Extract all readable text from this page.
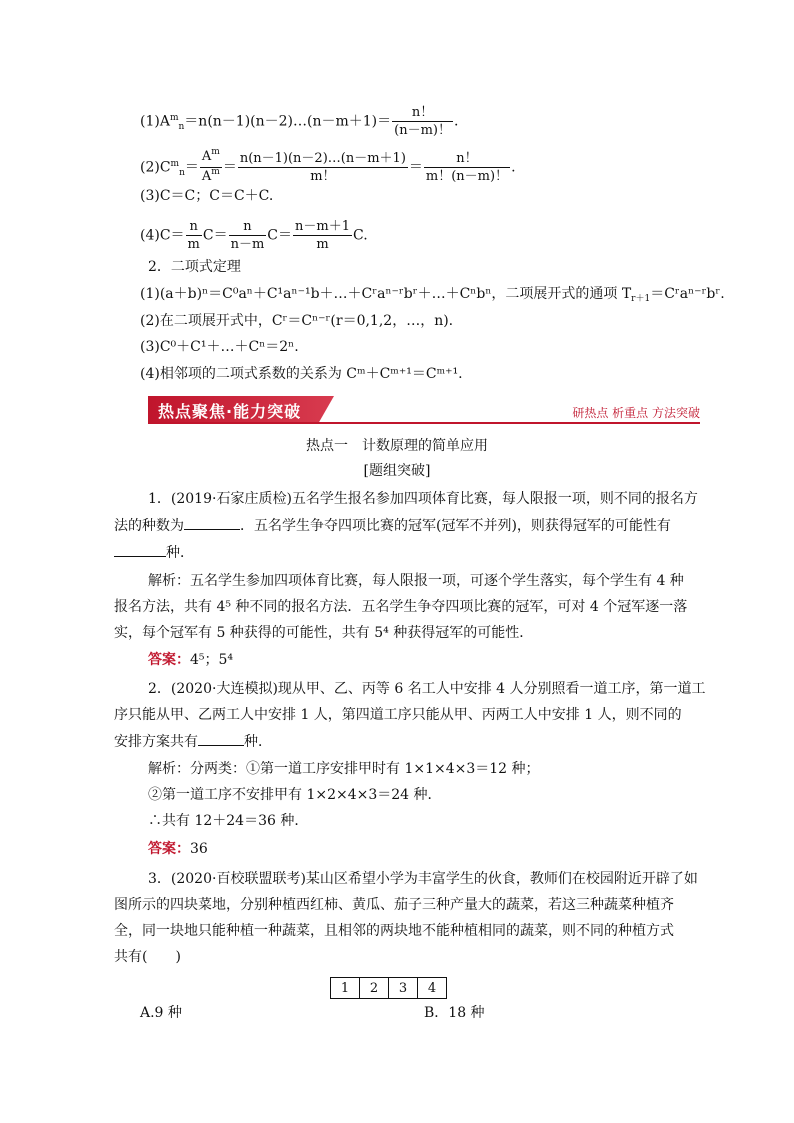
$(1)A^m_n=n(n-1)(n-2)\dots(n-m+1)= \frac{n!}{(n-m)!}$ .
$(2)C^m_n= \frac{A^m}{A^m} = \frac{n(n-1)(n-2)\dots(n-m+1)}{m!} = \frac{n!}{m!(n-m)!}$ .
(3)C＝C；C＝C＋C.
$(4)C= \frac{n}{m} C= \frac{n}{n-m} C= \frac{n-m+1}{m} C$.
2．二项式定理
(1)(a＋b)ⁿ＝C⁰aⁿ＋C¹aⁿ⁻¹b＋…＋Cʳaⁿ⁻ʳbʳ＋…＋Cⁿbⁿ，二项展开式的通项 $T_{r+1}=Cʳa^{n-}ʳbʳ$.
(2)在二项展开式中，Cʳ＝Cⁿ⁻ʳ(r＝0,1,2，…，n).
(3)C⁰＋C¹＋…＋Cⁿ＝2ⁿ.
(4)相邻项的二项式系数的关系为 Cᵐ＋Cᵐ⁺¹＝Cᵐ⁺¹.
热点聚焦·能力突破	研热点 析重点 方法突破
热点一　计数原理的简单应用
[题组突破]
1．(2019·石家庄质检)五名学生报名参加四项体育比赛，每人限报一项，则不同的报名方
法的种数为	．五名学生争夺四项比赛的冠军(冠军不并列)，则获得冠军的可能性有
种．
解析：五名学生参加四项体育比赛，每人限报一项，可逐个学生落实，每个学生有 4 种
报名方法，共有 4⁵ 种不同的报名方法．五名学生争夺四项比赛的冠军，可对 4 个冠军逐一落
实，每个冠军有 5 种获得的可能性，共有 5⁴ 种获得冠军的可能性．
答案：4⁵；5⁴
2．(2020·大连模拟)现从甲、乙、丙等 6 名工人中安排 4 人分别照看一道工序，第一道工
序只能从甲、乙两工人中安排 1 人，第四道工序只能从甲、丙两工人中安排 1 人，则不同的
安排方案共有	种．
解析：分两类：①第一道工序安排甲时有 1×1×4×3＝12 种；
②第一道工序不安排甲有 1×2×4×3＝24 种．
∴共有 12＋24＝36 种．
答案：36
3．(2020·百校联盟联考)某山区希望小学为丰富学生的伙食，教师们在校园附近开辟了如
图所示的四块菜地，分别种植西红柿、黄瓜、茄子三种产量大的蔬菜，若这三种蔬菜种植齐
全，同一块地只能种植一种蔬菜，且相邻的两块地不能种植相同的蔬菜，则不同的种植方式
共有(　　)
1	2	3	4
A.9 种	B．18 种
